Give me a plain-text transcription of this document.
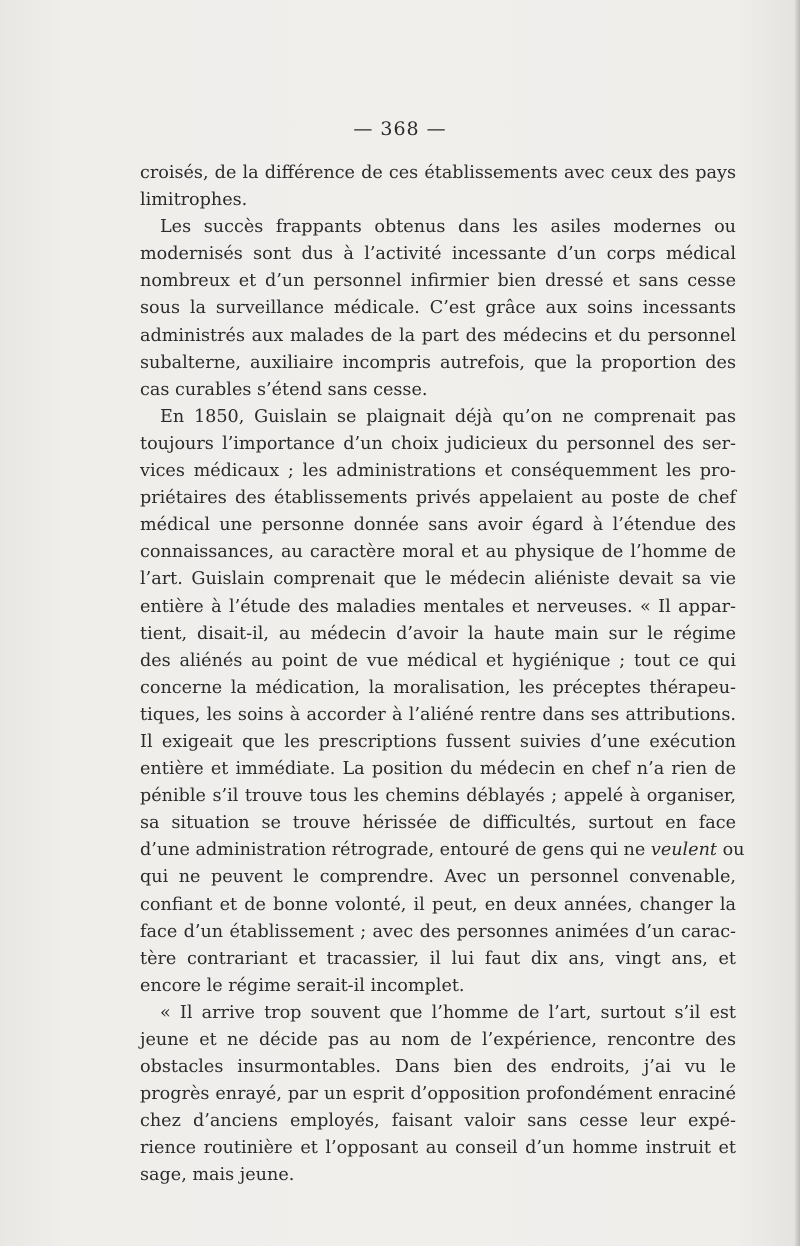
— 368 —
croisés, de la différence de ces établissements avec ceux des pays
limitrophes.
Les succès frappants obtenus dans les asiles modernes ou
modernisés sont dus à l’activité incessante d’un corps médical
nombreux et d’un personnel infirmier bien dressé et sans cesse
sous la surveillance médicale. C’est grâce aux soins incessants
administrés aux malades de la part des médecins et du personnel
subalterne, auxiliaire incompris autrefois, que la proportion des
cas curables s’étend sans cesse.
En 1850, Guislain se plaignait déjà qu’on ne comprenait pas
toujours l’importance d’un choix judicieux du personnel des ser-
vices médicaux ; les administrations et conséquemment les pro-
priétaires des établissements privés appelaient au poste de chef
médical une personne donnée sans avoir égard à l’étendue des
connaissances, au caractère moral et au physique de l’homme de
l’art. Guislain comprenait que le médecin aliéniste devait sa vie
entière à l’étude des maladies mentales et nerveuses. « Il appar-
tient, disait-il, au médecin d’avoir la haute main sur le régime
des aliénés au point de vue médical et hygiénique ; tout ce qui
concerne la médication, la moralisation, les préceptes thérapeu-
tiques, les soins à accorder à l’aliéné rentre dans ses attributions.
Il exigeait que les prescriptions fussent suivies d’une exécution
entière et immédiate. La position du médecin en chef n’a rien de
pénible s’il trouve tous les chemins déblayés ; appelé à organiser,
sa situation se trouve hérissée de difficultés, surtout en face
d’une administration rétrograde, entouré de gens qui ne veulent ou
qui ne peuvent le comprendre. Avec un personnel convenable,
confiant et de bonne volonté, il peut, en deux années, changer la
face d’un établissement ; avec des personnes animées d’un carac-
tère contrariant et tracassier, il lui faut dix ans, vingt ans, et
encore le régime serait-il incomplet.
« Il arrive trop souvent que l’homme de l’art, surtout s’il est
jeune et ne décide pas au nom de l’expérience, rencontre des
obstacles insurmontables. Dans bien des endroits, j’ai vu le
progrès enrayé, par un esprit d’opposition profondément enraciné
chez d’anciens employés, faisant valoir sans cesse leur expé-
rience routinière et l’opposant au conseil d’un homme instruit et
sage, mais jeune.
